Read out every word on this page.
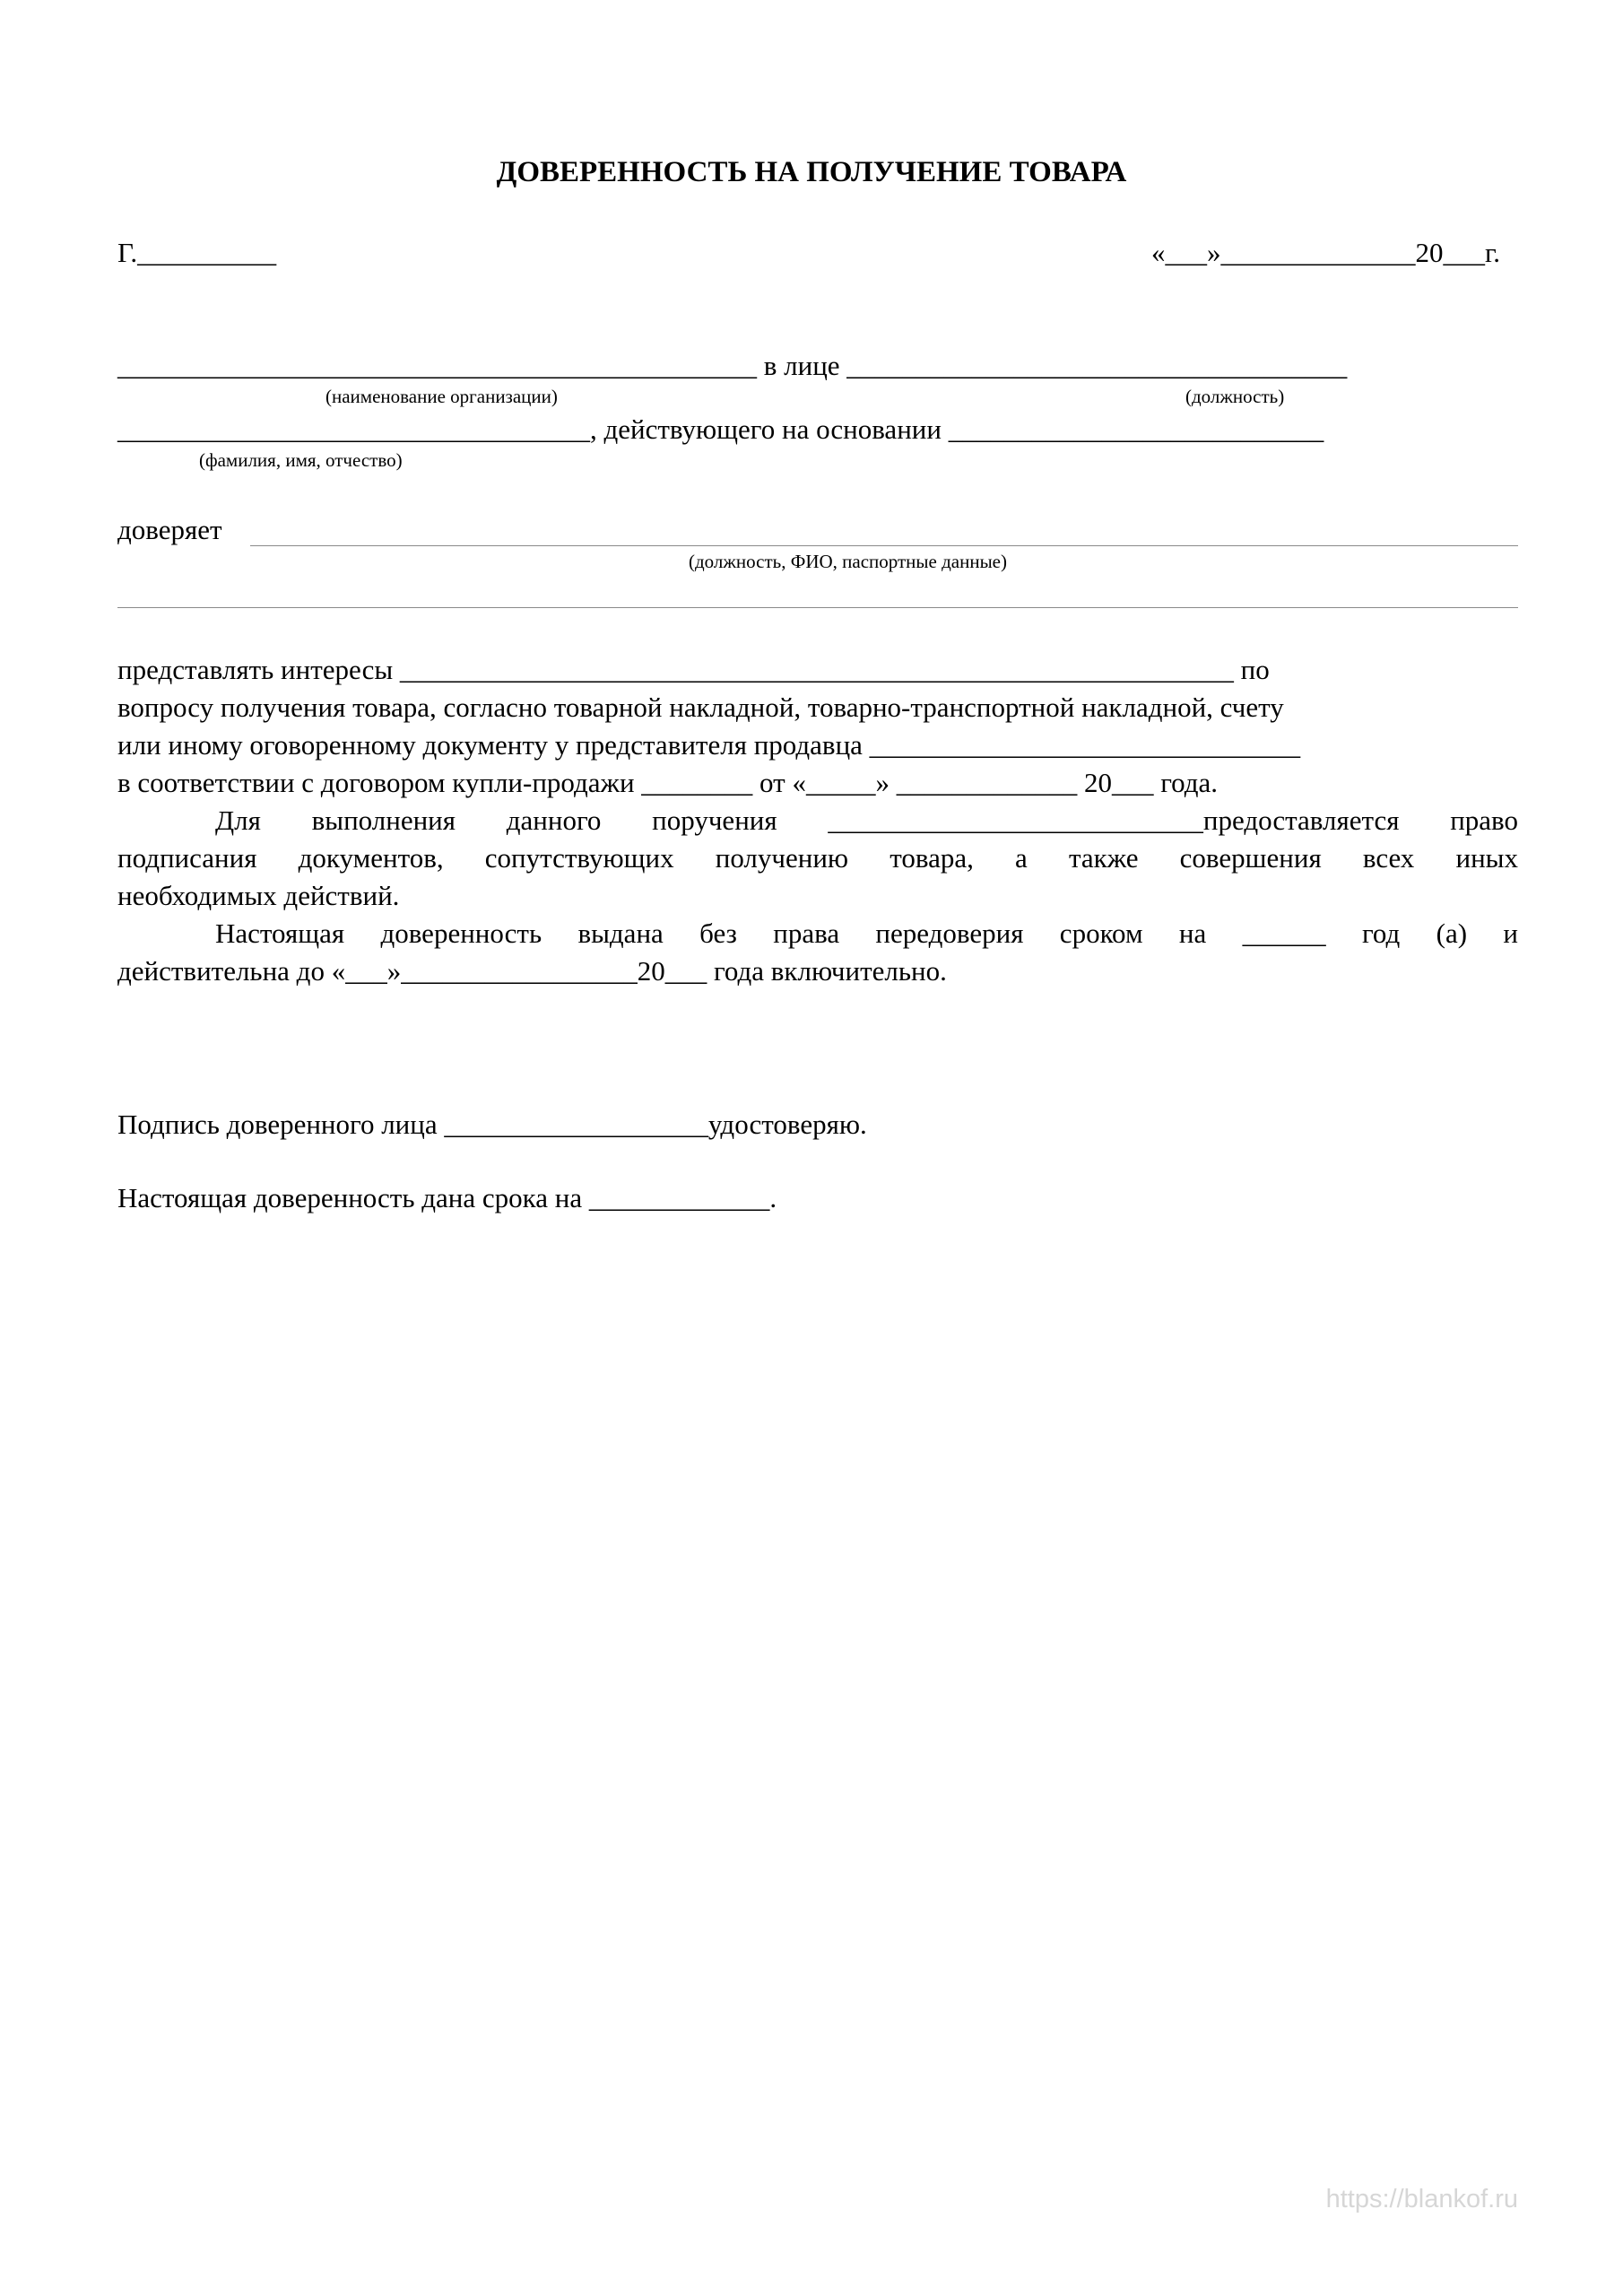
ДОВЕРЕННОСТЬ НА ПОЛУЧЕНИЕ ТОВАРА
Г.__________	«___»______________20___г.
______________________________________________ в лице ____________________________________
(наименование организации)	(должность)
__________________________________, действующего на основании ___________________________
(фамилия, имя, отчество)
доверяет
(должность, ФИО, паспортные данные)
представлять интересы ____________________________________________________________ по
вопросу получения товара, согласно товарной накладной, товарно-транспортной накладной, счету
или иному оговоренному документу у представителя продавца _______________________________
в соответствии с договором купли-продажи ________ от «_____» _____________ 20___ года.
Для выполнения данного поручения ___________________________предоставляется право
подписания документов, сопутствующих получению товара, а также совершения всех иных
необходимых действий.
Настоящая доверенность выдана без права передоверия сроком на ______ год (а) и
действительна до «___»_________________20___ года включительно.
Подпись доверенного лица ___________________удостоверяю.
Настоящая доверенность дана срока на _____________.
https://blankof.ru
